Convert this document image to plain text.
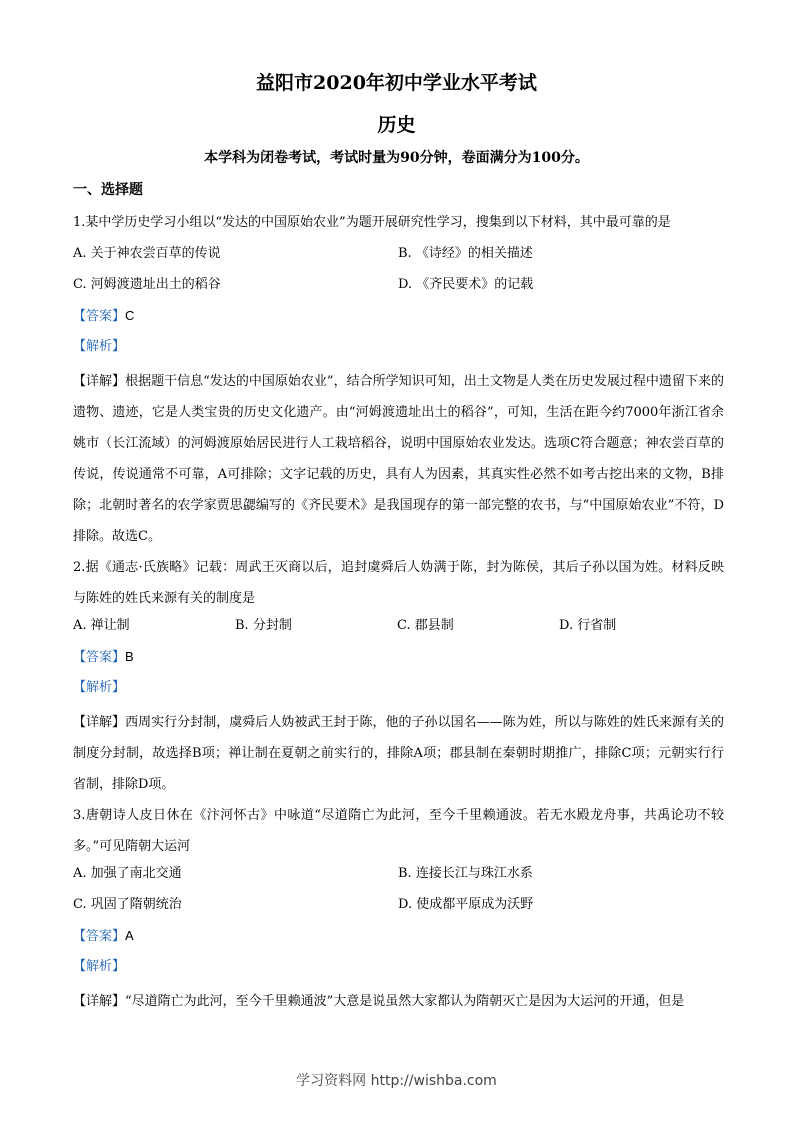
益阳市2020年初中学业水平考试
历史
本学科为闭卷考试，考试时量为90分钟，卷面满分为100分。
一、选择题
1.某中学历史学习小组以“发达的中国原始农业”为题开展研究性学习，搜集到以下材料，其中最可靠的是
A. 关于神农尝百草的传说	B. 《诗经》的相关描述
C. 河姆渡遗址出土的稻谷	D. 《齐民要术》的记载
【答案】C
【解析】
【详解】根据题干信息“发达的中国原始农业”，结合所学知识可知，出土文物是人类在历史发展过程中遗留下来的遗物、遗迹，它是人类宝贵的历史文化遗产。由“河姆渡遗址出土的稻谷”，可知，生活在距今约7000年浙江省余姚市（长江流域）的河姆渡原始居民进行人工栽培稻谷，说明中国原始农业发达。选项C符合题意；神农尝百草的传说，传说通常不可靠，A可排除；文字记载的历史，具有人为因素，其真实性必然不如考古挖出来的文物，B排除；北朝时著名的农学家贾思勰编写的《齐民要术》是我国现存的第一部完整的农书，与“中国原始农业”不符，D排除。故选C。
2.据《通志·氏族略》记载：周武王灭商以后，追封虞舜后人妫满于陈，封为陈侯，其后子孙以国为姓。材料反映与陈姓的姓氏来源有关的制度是
A. 禅让制	B. 分封制	C. 郡县制	D. 行省制
【答案】B
【解析】
【详解】西周实行分封制，虞舜后人妫被武王封于陈，他的子孙以国名——陈为姓，所以与陈姓的姓氏来源有关的制度分封制，故选择B项；禅让制在夏朝之前实行的，排除A项；郡县制在秦朝时期推广，排除C项；元朝实行行省制，排除D项。
3.唐朝诗人皮日休在《汴河怀古》中咏道“尽道隋亡为此河，至今千里赖通波。若无水殿龙舟事，共禹论功不较多。”可见隋朝大运河
A. 加强了南北交通	B. 连接长江与珠江水系
C. 巩固了隋朝统治	D. 使成都平原成为沃野
【答案】A
【解析】
【详解】“尽道隋亡为此河，至今千里赖通波”大意是说虽然大家都认为隋朝灭亡是因为大运河的开通，但是
学习资料网 http://wishba.com
